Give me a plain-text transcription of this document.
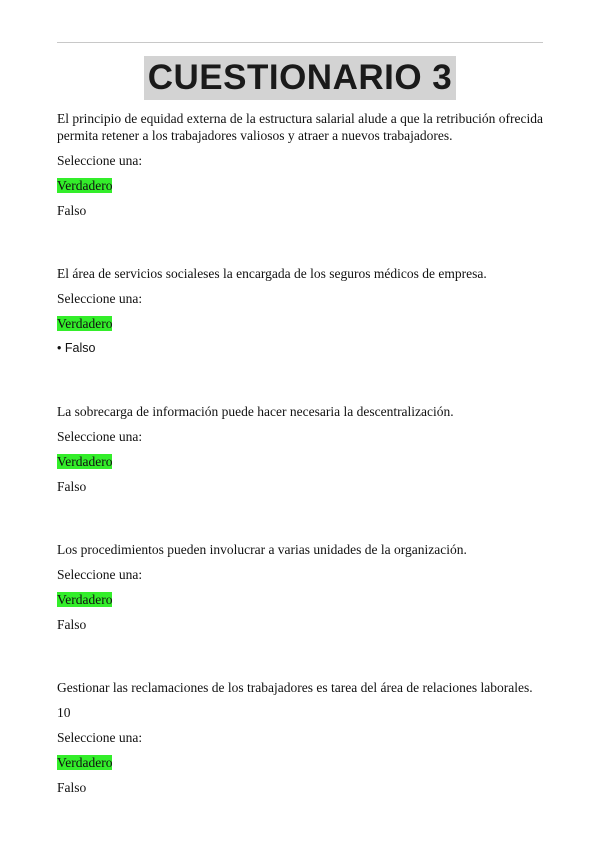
CUESTIONARIO 3
El principio de equidad externa de la estructura salarial alude a que la retribución ofrecida permita retener a los trabajadores valiosos y atraer a nuevos trabajadores.
Seleccione una:
Verdadero
Falso
El área de servicios socialeses la encargada de los seguros médicos de empresa.
Seleccione una:
Verdadero
• Falso
La sobrecarga de información puede hacer necesaria la descentralización.
Seleccione una:
Verdadero
Falso
Los procedimientos pueden involucrar a varias unidades de la organización.
Seleccione una:
Verdadero
Falso
Gestionar las reclamaciones de los trabajadores es tarea del área de relaciones laborales.
10
Seleccione una:
Verdadero
Falso
